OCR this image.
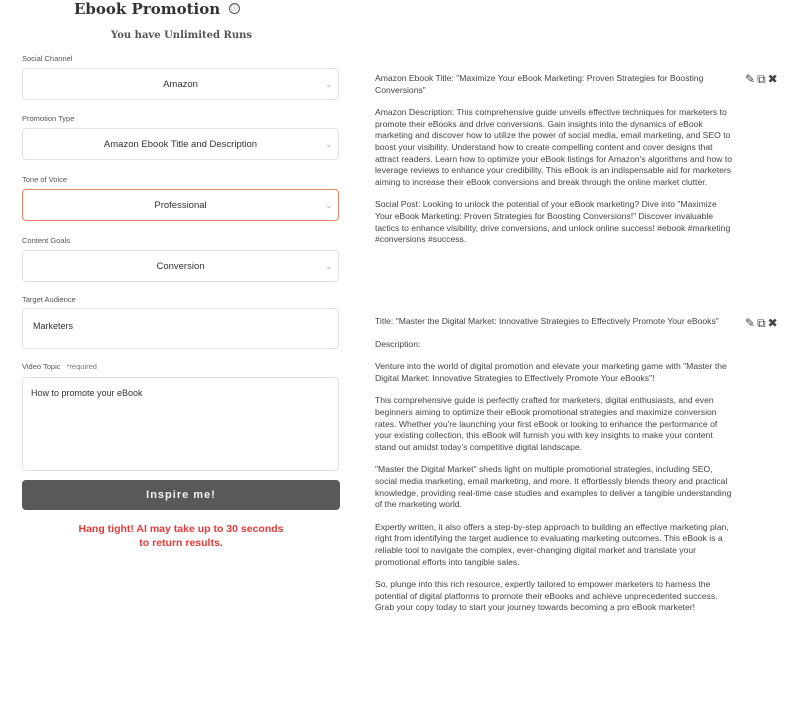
Ebook Promotion ⓘ
You have Unlimited Runs
Social Channel
Amazon	⌄
Promotion Type
Amazon Ebook Title and Description	⌄
Tone of Voice
Professional	⌄
Content Goals
Conversion	⌄
Target Audience
Marketers
Video Topic *required
How to promote your eBook
Inspire me!
Hang tight! AI may take up to 30 seconds
to return results.

Amazon Ebook Title: "Maximize Your eBook Marketing: Proven Strategies for Boosting Conversions"

Amazon Description: This comprehensive guide unveils effective techniques for marketers to promote their eBooks and drive conversions. Gain insights into the dynamics of eBook marketing and discover how to utilize the power of social media, email marketing, and SEO to boost your visibility. Understand how to create compelling content and cover designs that attract readers. Learn how to optimize your eBook listings for Amazon's algorithms and how to leverage reviews to enhance your credibility. This eBook is an indispensable aid for marketers aiming to increase their eBook conversions and break through the online market clutter.

Social Post: Looking to unlock the potential of your eBook marketing? Dive into "Maximize Your eBook Marketing: Proven Strategies for Boosting Conversions!" Discover invaluable tactics to enhance visibility, drive conversions, and unlock online success! #ebook #marketing #conversions #success.

✎⧉✖

Title: "Master the Digital Market: Innovative Strategies to Effectively Promote Your eBooks"

Description:

Venture into the world of digital promotion and elevate your marketing game with "Master the Digital Market: Innovative Strategies to Effectively Promote Your eBooks"!

This comprehensive guide is perfectly crafted for marketers, digital enthusiasts, and even beginners aiming to optimize their eBook promotional strategies and maximize conversion rates. Whether you're launching your first eBook or looking to enhance the performance of your existing collection, this eBook will furnish you with key insights to make your content stand out amidst today's competitive digital landscape.

"Master the Digital Market" sheds light on multiple promotional strategies, including SEO, social media marketing, email marketing, and more. It effortlessly blends theory and practical knowledge, providing real-time case studies and examples to deliver a tangible understanding of the marketing world.

Expertly written, it also offers a step-by-step approach to building an effective marketing plan, right from identifying the target audience to evaluating marketing outcomes. This eBook is a reliable tool to navigate the complex, ever-changing digital market and translate your promotional efforts into tangible sales.

So, plunge into this rich resource, expertly tailored to empower marketers to harness the potential of digital platforms to promote their eBooks and achieve unprecedented success. Grab your copy today to start your journey towards becoming a pro eBook marketer!

✎⧉✖
